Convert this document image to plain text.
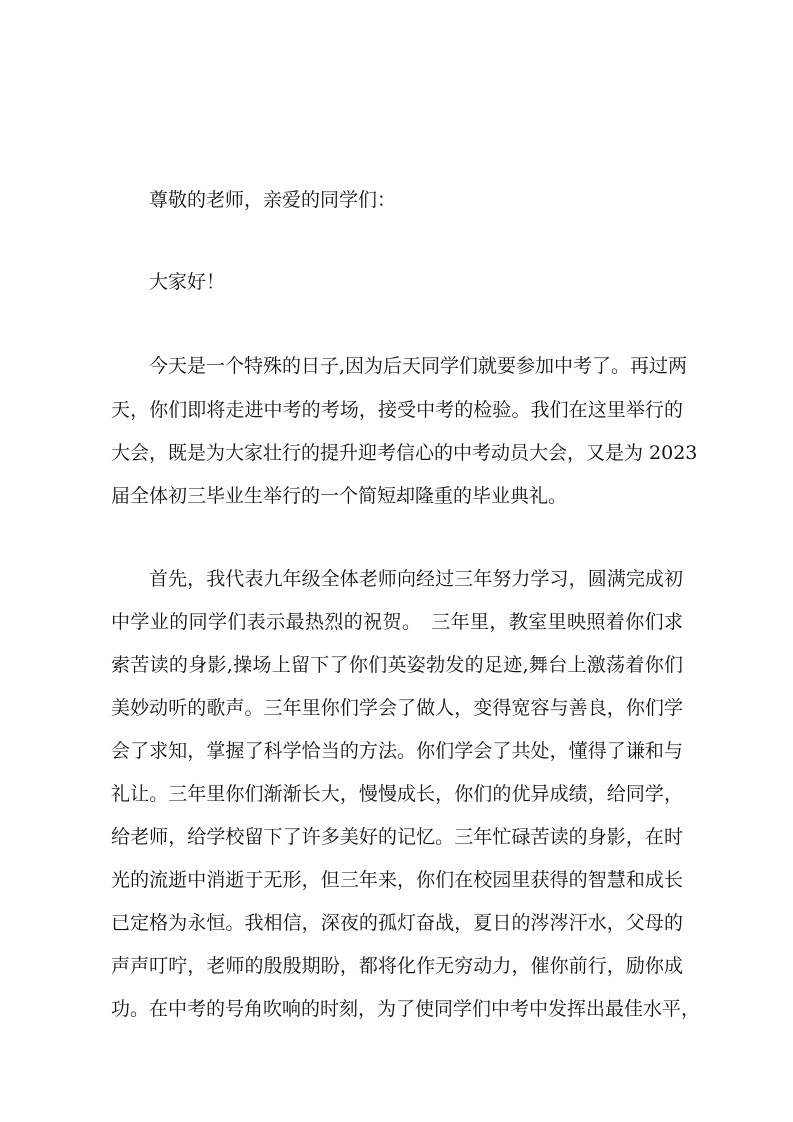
尊敬的老师，亲爱的同学们：
大家好！
今天是一个特殊的日子,因为后天同学们就要参加中考了。再过两
天，你们即将走进中考的考场，接受中考的检验。我们在这里举行的
大会，既是为大家壮行的提升迎考信心的中考动员大会，又是为 2023
届全体初三毕业生举行的一个简短却隆重的毕业典礼。
首先，我代表九年级全体老师向经过三年努力学习，圆满完成初
中学业的同学们表示最热烈的祝贺。　三年里，教室里映照着你们求
索苦读的身影,操场上留下了你们英姿勃发的足迹,舞台上激荡着你们
美妙动听的歌声。三年里你们学会了做人，变得宽容与善良，你们学
会了求知，掌握了科学恰当的方法。你们学会了共处，懂得了谦和与
礼让。三年里你们渐渐长大，慢慢成长，你们的优异成绩，给同学，
给老师，给学校留下了许多美好的记忆。三年忙碌苦读的身影，在时
光的流逝中消逝于无形，但三年来，你们在校园里获得的智慧和成长
已定格为永恒。我相信，深夜的孤灯奋战，夏日的涔涔汗水，父母的
声声叮咛，老师的殷殷期盼，都将化作无穷动力，催你前行，励你成
功。在中考的号角吹响的时刻，为了使同学们中考中发挥出最佳水平，
